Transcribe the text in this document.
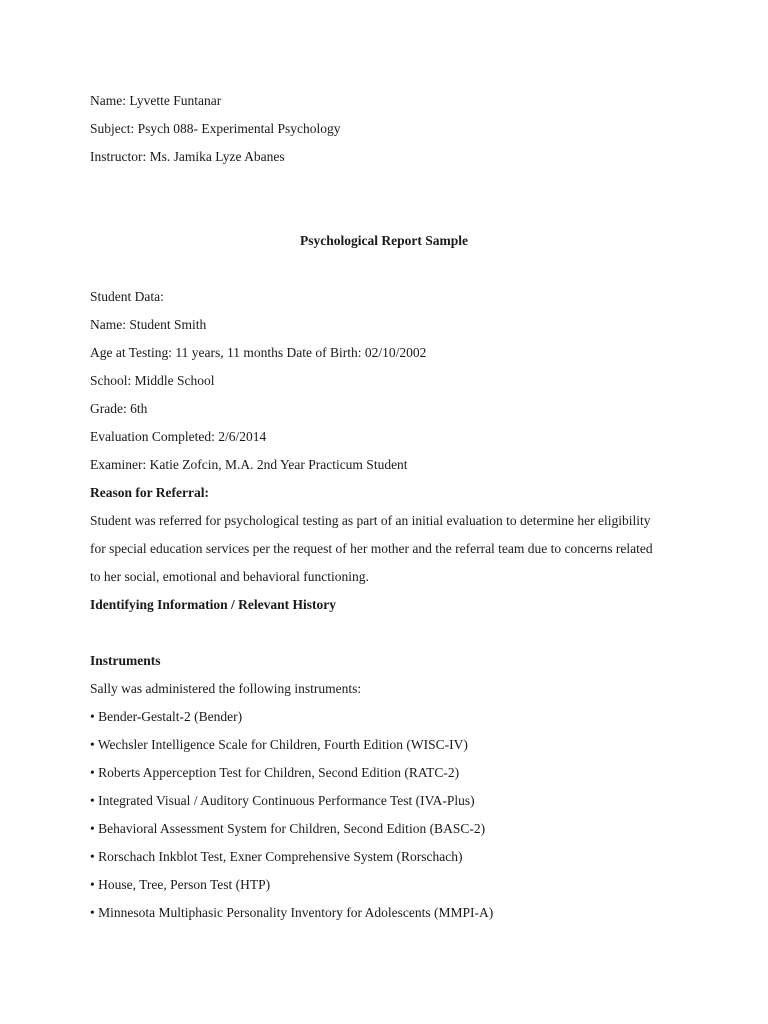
Name: Lyvette Funtanar
Subject: Psych 088- Experimental Psychology
Instructor: Ms. Jamika Lyze Abanes
Psychological Report Sample
Student Data:
Name: Student Smith
Age at Testing: 11 years, 11 months Date of Birth: 02/10/2002
School: Middle School
Grade: 6th
Evaluation Completed: 2/6/2014
Examiner: Katie Zofcin, M.A. 2nd Year Practicum Student
Reason for Referral:
Student was referred for psychological testing as part of an initial evaluation to determine her eligibility
for special education services per the request of her mother and the referral team due to concerns related
to her social, emotional and behavioral functioning.
Identifying Information / Relevant History
Instruments
Sally was administered the following instruments:
• Bender-Gestalt-2 (Bender)
• Wechsler Intelligence Scale for Children, Fourth Edition (WISC-IV)
• Roberts Apperception Test for Children, Second Edition (RATC-2)
• Integrated Visual / Auditory Continuous Performance Test (IVA-Plus)
• Behavioral Assessment System for Children, Second Edition (BASC-2)
• Rorschach Inkblot Test, Exner Comprehensive System (Rorschach)
• House, Tree, Person Test (HTP)
• Minnesota Multiphasic Personality Inventory for Adolescents (MMPI-A)
